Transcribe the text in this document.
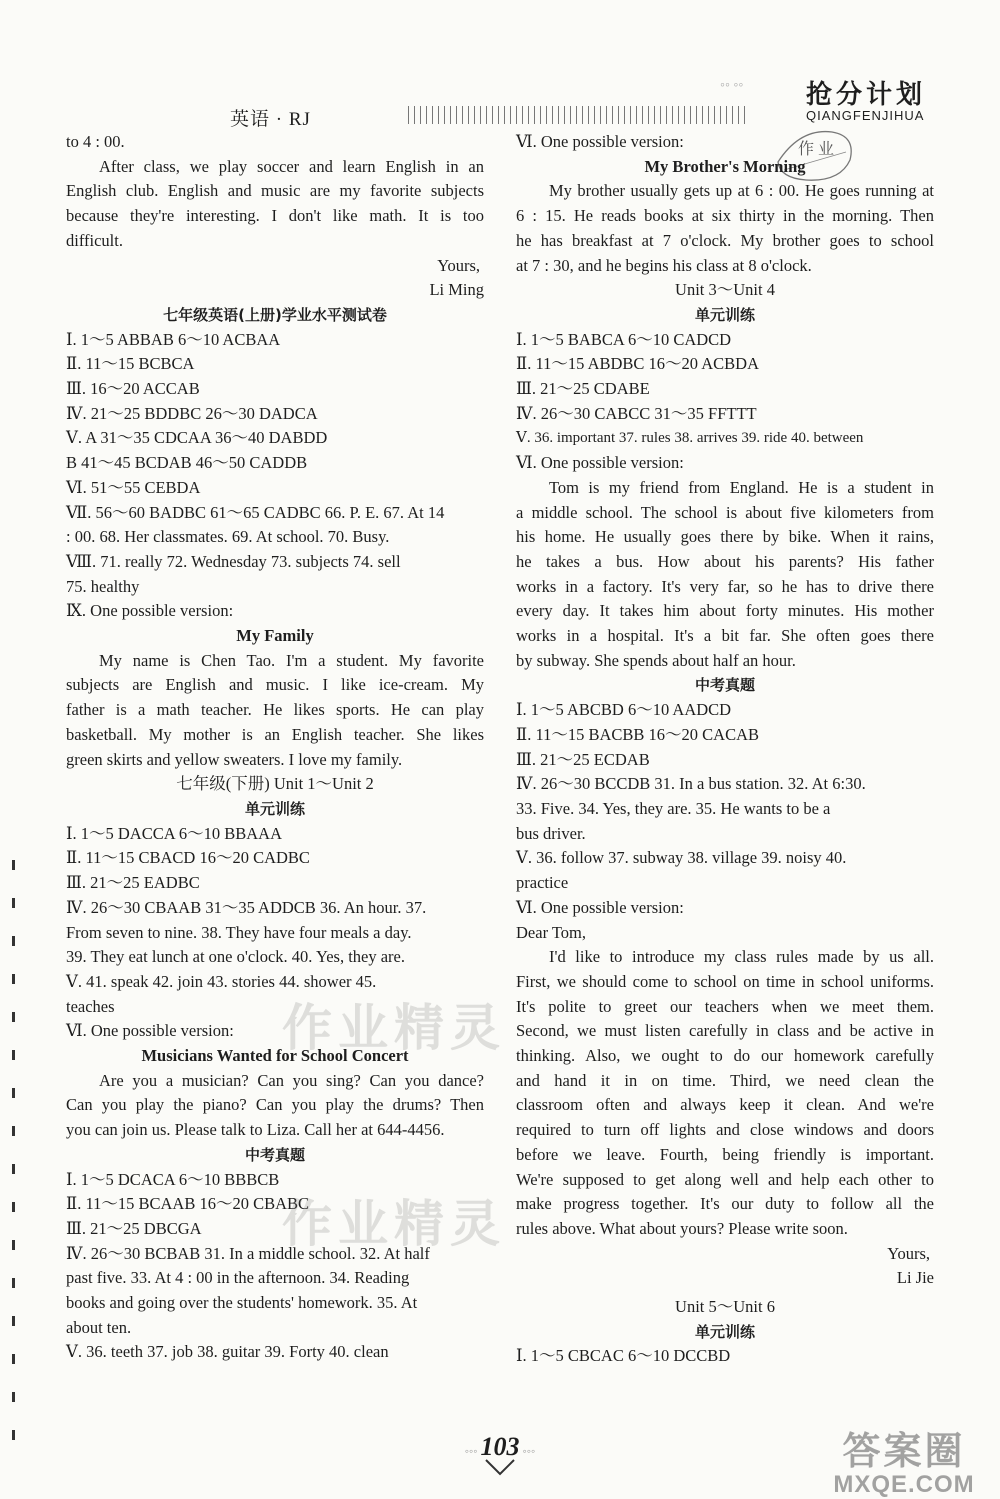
英语 · RJ
◦◦ ◦◦ 抢分计划
QIANGFENJIHUA
作 业

to 4 : 00.

After class, we play soccer and learn English in an

English club. English and music are my favorite subjects

because they're interesting. I don't like math. It is too

difficult.

Yours,

Li Ming

七年级英语(上册)学业水平测试卷

Ⅰ. 1～5 ABBAB 6～10 ACBAA

Ⅱ. 11～15 BCBCA

Ⅲ. 16～20 ACCAB

Ⅳ. 21～25 BDDBC 26～30 DADCA

Ⅴ. A 31～35 CDCAA 36～40 DABDD

B 41～45 BCDAB 46～50 CADDB

Ⅵ. 51～55 CEBDA

Ⅶ. 56～60 BADBC 61～65 CADBC 66. P. E. 67. At 14

: 00. 68. Her classmates. 69. At school. 70. Busy.

Ⅷ. 71. really 72. Wednesday 73. subjects 74. sell

75. healthy

Ⅸ. One possible version:

My Family

My name is Chen Tao. I'm a student. My favorite

subjects are English and music. I like ice-cream. My

father is a math teacher. He likes sports. He can play

basketball. My mother is an English teacher. She likes

green skirts and yellow sweaters. I love my family.

七年级(下册) Unit 1～Unit 2

单元训练

Ⅰ. 1～5 DACCA 6～10 BBAAA

Ⅱ. 11～15 CBACD 16～20 CADBC

Ⅲ. 21～25 EADBC

Ⅳ. 26～30 CBAAB 31～35 ADDCB 36. An hour. 37.

From seven to nine. 38. They have four meals a day.

39. They eat lunch at one o'clock. 40. Yes, they are.

Ⅴ. 41. speak 42. join 43. stories 44. shower 45.

teaches

Ⅵ. One possible version:

Musicians Wanted for School Concert

Are you a musician? Can you sing? Can you dance?

Can you play the piano? Can you play the drums? Then

you can join us. Please talk to Liza. Call her at 644-4456.

中考真题

Ⅰ. 1～5 DCACA 6～10 BBBCB

Ⅱ. 11～15 BCAAB 16～20 CBABC

Ⅲ. 21～25 DBCGA

Ⅳ. 26～30 BCBAB 31. In a middle school. 32. At half

past five. 33. At 4 : 00 in the afternoon. 34. Reading

books and going over the students' homework. 35. At

about ten.

Ⅴ. 36. teeth 37. job 38. guitar 39. Forty 40. clean

Ⅵ. One possible version:

My Brother's Morning

My brother usually gets up at 6 : 00. He goes running at

6 : 15. He reads books at six thirty in the morning. Then

he has breakfast at 7 o'clock. My brother goes to school

at 7 : 30, and he begins his class at 8 o'clock.

Unit 3～Unit 4

单元训练

Ⅰ. 1～5 BABCA 6～10 CADCD

Ⅱ. 11～15 ABDBC 16～20 ACBDA

Ⅲ. 21～25 CDABE

Ⅳ. 26～30 CABCC 31～35 FFTTT

Ⅴ. 36. important 37. rules 38. arrives 39. ride 40. between

Ⅵ. One possible version:

Tom is my friend from England. He is a student in

a middle school. The school is about five kilometers from

his home. He usually goes there by bike. When it rains,

he takes a bus. How about his parents? His father

works in a factory. It's very far, so he has to drive there

every day. It takes him about forty minutes. His mother

works in a hospital. It's a bit far. She often goes there

by subway. She spends about half an hour.

中考真题

Ⅰ. 1～5 ABCBD 6～10 AADCD

Ⅱ. 11～15 BACBB 16～20 CACAB

Ⅲ. 21～25 ECDAB

Ⅳ. 26～30 BCCDB 31. In a bus station. 32. At 6:30.

33. Five. 34. Yes, they are. 35. He wants to be a

bus driver.

Ⅴ. 36. follow 37. subway 38. village 39. noisy 40.

practice

Ⅵ. One possible version:

Dear Tom,

I'd like to introduce my class rules made by us all.

First, we should come to school on time in school uniforms.

It's polite to greet our teachers when we meet them.

Second, we must listen carefully in class and be active in

thinking. Also, we ought to do our homework carefully

and hand it in on time. Third, we need clean the

classroom often and always keep it clean. And we're

required to turn off lights and close windows and doors

before we leave. Fourth, being friendly is important.

We're supposed to get along well and help each other to

make progress together. It's our duty to follow all the

rules above. What about yours? Please write soon.

Yours,

Li Jie

Unit 5～Unit 6

单元训练

Ⅰ. 1～5 CBCAC 6～10 DCCBD

作业精灵
作业精灵
◦◦◦ 103 ◦◦◦	答案圈
MXQE.COM
